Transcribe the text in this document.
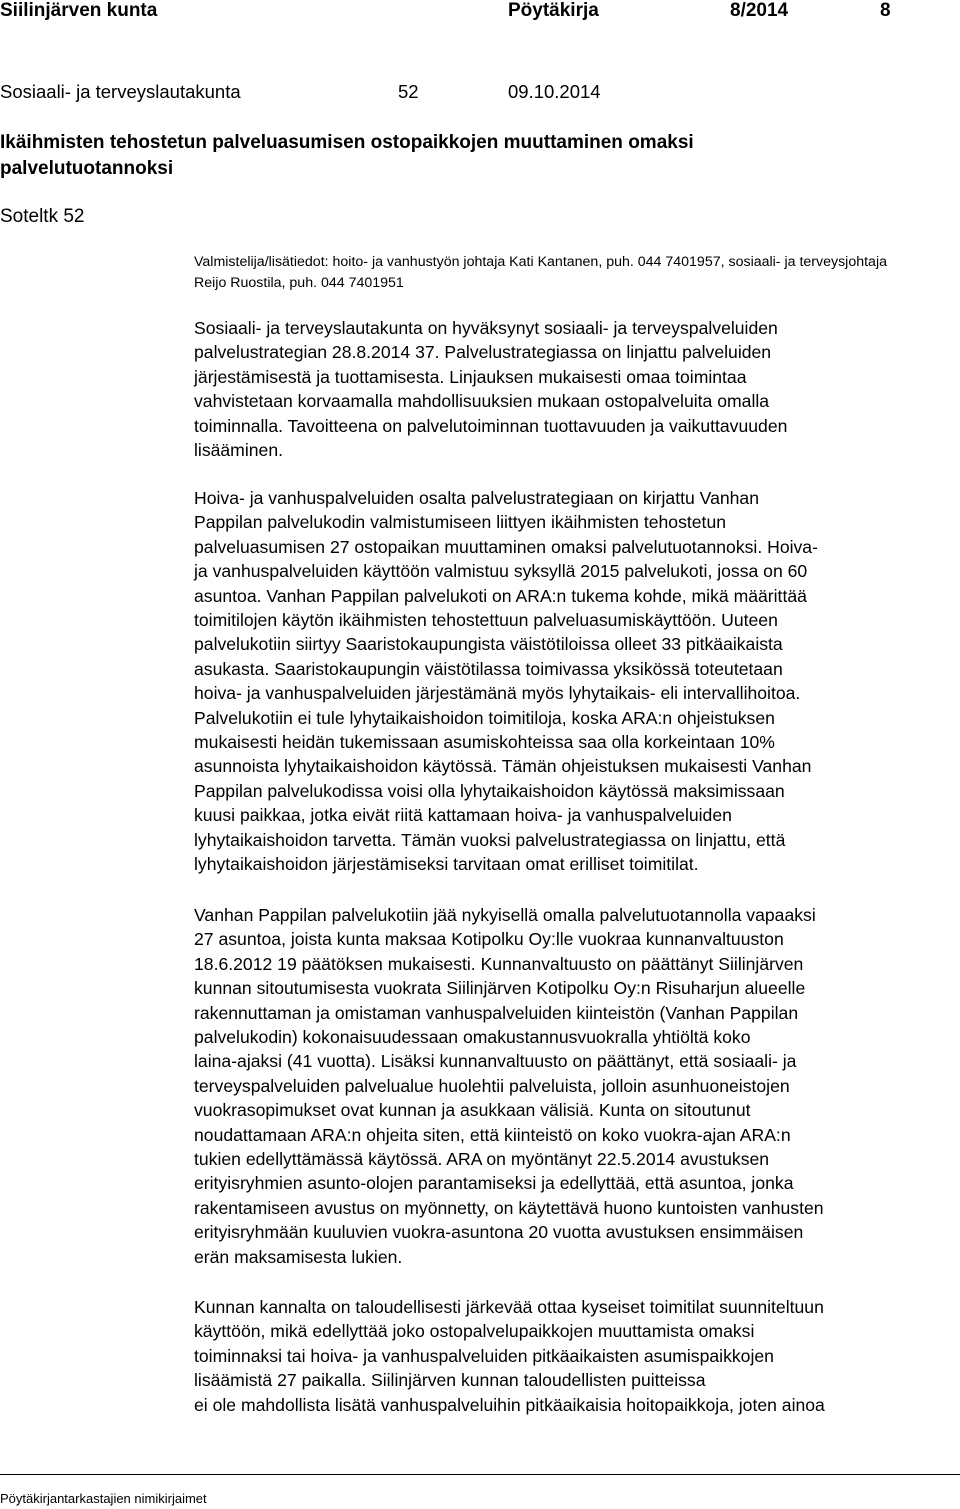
Siilinjärven kunta	Pöytäkirja	8/2014	8
Sosiaali- ja terveyslautakunta	52	09.10.2014
Ikäihmisten tehostetun palveluasumisen ostopaikkojen muuttaminen omaksi
palvelutuotannoksi
Soteltk 52
Valmistelija/lisätiedot: hoito- ja vanhustyön johtaja Kati Kantanen, puh. 044 7401957, sosiaali- ja terveysjohtaja
Reijo Ruostila, puh. 044 7401951
Sosiaali- ja terveyslautakunta on hyväksynyt sosiaali- ja terveyspalveluiden
palvelustrategian 28.8.2014 37. Palvelustrategiassa on linjattu palveluiden
järjestämisestä ja tuottamisesta. Linjauksen mukaisesti omaa toimintaa
vahvistetaan korvaamalla mahdollisuuksien mukaan ostopalveluita omalla
toiminnalla. Tavoitteena on palvelutoiminnan tuottavuuden ja vaikuttavuuden
lisääminen.
Hoiva- ja vanhuspalveluiden osalta palvelustrategiaan on kirjattu Vanhan
Pappilan palvelukodin valmistumiseen liittyen ikäihmisten tehostetun
palveluasumisen 27 ostopaikan muuttaminen omaksi palvelutuotannoksi. Hoiva-
ja vanhuspalveluiden käyttöön valmistuu syksyllä 2015 palvelukoti, jossa on 60
asuntoa. Vanhan Pappilan palvelukoti on ARA:n tukema kohde, mikä määrittää
toimitilojen käytön ikäihmisten tehostettuun palveluasumiskäyttöön. Uuteen
palvelukotiin siirtyy Saaristokaupungista väistötiloissa olleet 33 pitkäaikaista
asukasta. Saaristokaupungin väistötilassa toimivassa yksikössä toteutetaan
hoiva- ja vanhuspalveluiden järjestämänä myös lyhytaikais- eli intervallihoitoa.
Palvelukotiin ei tule lyhytaikaishoidon toimitiloja, koska ARA:n ohjeistuksen
mukaisesti heidän tukemissaan asumiskohteissa saa olla korkeintaan 10%
asunnoista lyhytaikaishoidon käytössä. Tämän ohjeistuksen mukaisesti Vanhan
Pappilan palvelukodissa voisi olla lyhytaikaishoidon käytössä maksimissaan
kuusi paikkaa, jotka eivät riitä kattamaan hoiva- ja vanhuspalveluiden
lyhytaikaishoidon tarvetta. Tämän vuoksi palvelustrategiassa on linjattu, että
lyhytaikaishoidon järjestämiseksi tarvitaan omat erilliset toimitilat.
Vanhan Pappilan palvelukotiin jää nykyisellä omalla palvelutuotannolla vapaaksi
27 asuntoa, joista kunta maksaa Kotipolku Oy:lle vuokraa kunnanvaltuuston
18.6.2012 19 päätöksen mukaisesti. Kunnanvaltuusto on päättänyt Siilinjärven
kunnan sitoutumisesta vuokrata Siilinjärven Kotipolku Oy:n Risuharjun alueelle
rakennuttaman ja omistaman vanhuspalveluiden kiinteistön (Vanhan Pappilan
palvelukodin) kokonaisuudessaan omakustannusvuokralla yhtiöltä koko
laina-ajaksi (41 vuotta). Lisäksi kunnanvaltuusto on päättänyt, että sosiaali- ja
terveyspalveluiden palvelualue huolehtii palveluista, jolloin asunhuoneistojen
vuokrasopimukset ovat kunnan ja asukkaan välisiä. Kunta on sitoutunut
noudattamaan ARA:n ohjeita siten, että kiinteistö on koko vuokra-ajan ARA:n
tukien edellyttämässä käytössä. ARA on myöntänyt 22.5.2014 avustuksen
erityisryhmien asunto-olojen parantamiseksi ja edellyttää, että asuntoa, jonka
rakentamiseen avustus on myönnetty, on käytettävä huono kuntoisten vanhusten
erityisryhmään kuuluvien vuokra-asuntona 20 vuotta avustuksen ensimmäisen
erän maksamisesta lukien.
Kunnan kannalta on taloudellisesti järkevää ottaa kyseiset toimitilat suunniteltuun
käyttöön, mikä edellyttää joko ostopalvelupaikkojen muuttamista omaksi
toiminnaksi tai hoiva- ja vanhuspalveluiden pitkäaikaisten asumispaikkojen
lisäämistä 27 paikalla. Siilinjärven kunnan taloudellisten puitteissa
ei ole mahdollista lisätä vanhuspalveluihin pitkäaikaisia hoitopaikkoja, joten ainoa
Pöytäkirjantarkastajien nimikirjaimet
